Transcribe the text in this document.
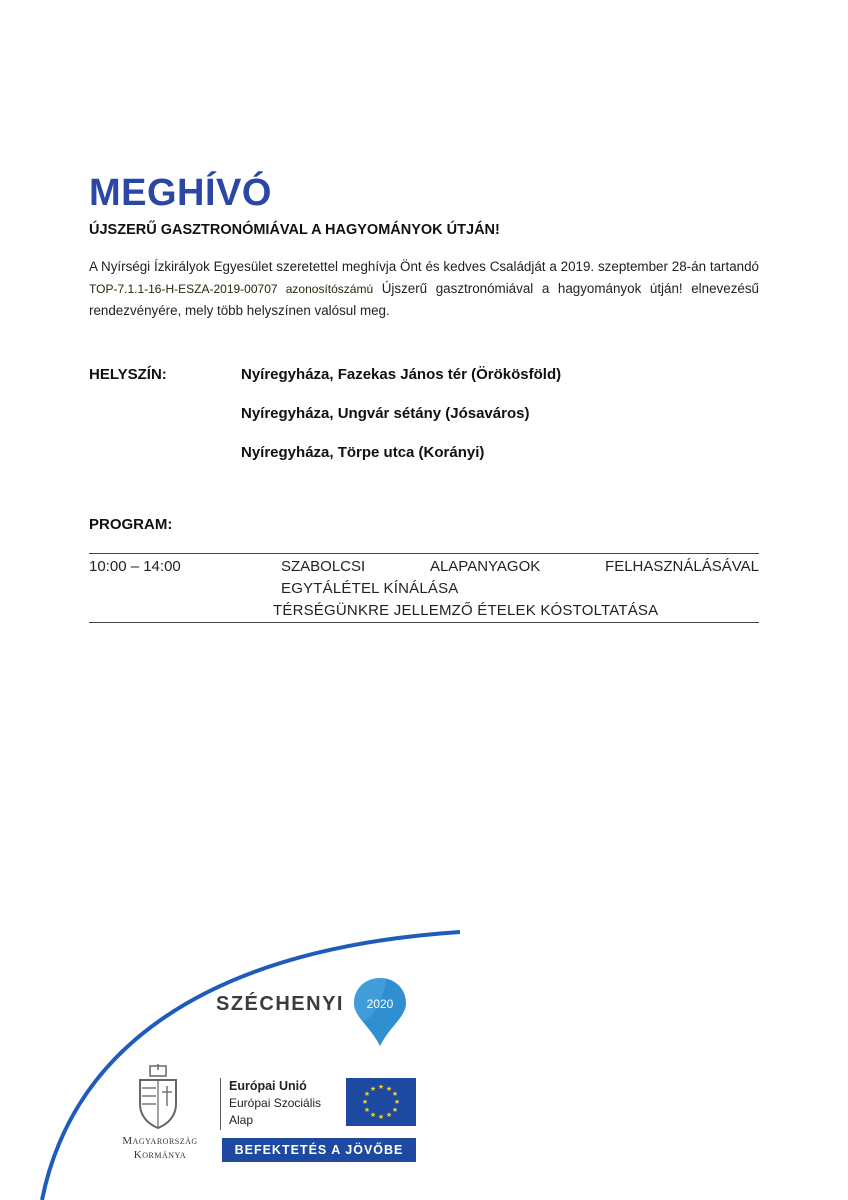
MEGHÍVÓ
ÚJSZERŰ GASZTRONÓMIÁVAL A HAGYOMÁNYOK ÚTJÁN!
A Nyírségi Ízkirályok Egyesület szeretettel meghívja Önt és kedves Családját a 2019. szeptember 28-án tartandó TOP-7.1.1-16-H-ESZA-2019-00707 azonosítószámú Újszerű gasztronómiával a hagyományok útján! elnevezésű rendezvényére, mely több helyszínen valósul meg.
HELYSZÍN:	Nyíregyháza, Fazekas János tér (Örökösföld)
Nyíregyháza, Ungvár sétány (Jósaváros)
Nyíregyháza, Törpe utca (Korányi)
PROGRAM:
10:00 – 14:00	SZABOLCSI	ALAPANYAGOK	FELHASZNÁLÁSÁVAL
EGYTÁLÉTEL KÍNÁLÁSA
TÉRSÉGÜNKRE JELLEMZŐ ÉTELEK KÓSTOLTATÁSA
SZÉCHENYI 2020
Magyarország
Kormánya
Európai Unió
Európai Szociális
Alap
★ ★
★
★
★
★
★
★
★
★
★
★
BEFEKTETÉS A JÖVŐBE
